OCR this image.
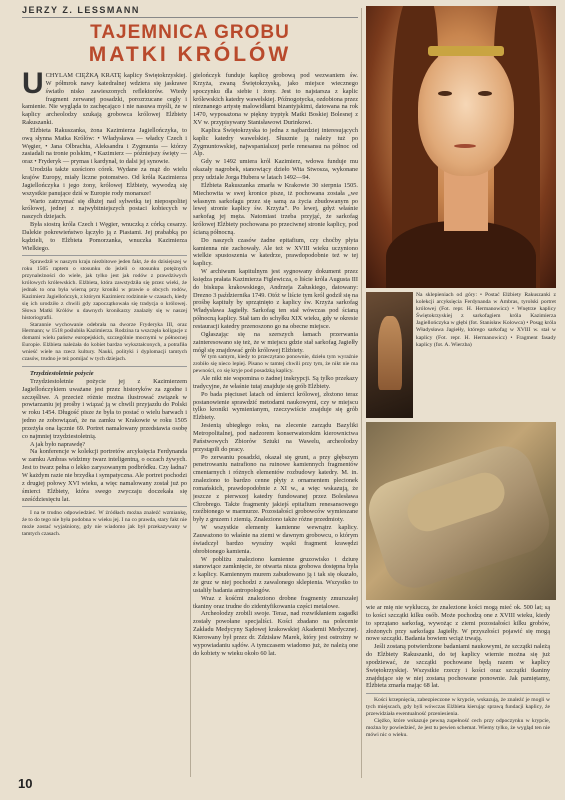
JERZY Z. LESSMANN
TAJEMNICA GROBU
MATKI KRÓLÓW

UCHYLAM CIĘŻKĄ KRATĘ kaplicy Świętokrzyskiej. W półmrok nawy katedralnej wdziera się jaskrawe światło nisko zawieszonych reflektorów. Wtedy fragment zerwanej posadzki, porozrzucane cegły i kamienie. Nie wygląda to zachęcająco i nie nasuwa myśli, że w kaplicy archeolodzy szukają grobowca królowej Elżbiety Rakuszanki.

Elżbieta Rakuszanka, żona Kazimierza Jagiellończyka, to ową słynna Matka Królów: • Władysława — władcy Czech i Węgier, • Jana Olbrachta, Aleksandra i Zygmunta — którzy zasiadali na tronie polskim, • Kazimierz — późniejszy święty — oraz • Fryderyk — prymas i kardynał, to dalsi jej synowie.

Urodziła także sześcioro córek. Wydane za mąż do wielu krajów Europy, miały liczne potomstwo. Od króla Kazimierza Jagiellończyka i jego żony, królowej Elżbiety, wywodzą się wszystkie panujące dziś w Europie rody monarsze!

Warto zatrzymać się dłużej nad sylwetką tej niepospolitej królowej, jednej z najwybitniejszych postaci kobiecych w naszych dziejach.

Była siostrą króla Czech i Węgier, wnuczką z córką cesarzy. Dalekie pokrewieństwo łączyło ją z Piastami. Jej prababką po kądzieli, to Elżbieta Pomorzanka, wnuczka Kazimierza Wielkiego.

Sprawdził w naszym kraju niezbitowe jeden fakt, że do dzisiejszej w roku 1505 raptem o stosunku do jeżeli o stosunku potężnych przynależności do wiele, jak tylko jest jak rodów z prawdziwych królowych królewskich. Elżbieta, która zawstydziła się przez wieki, że jednak to ona była wierną przy kroniki w prawie o obcych rodów, Kazimierz Jagiellończyk, z którym Kazimierz rodzinnie w czasach, kiedy się ich urodziło z chwili gdy zapoczątkowała się tradycja o królowej. Słowa Matki Królów u dawnych kronikarzy znalazły się w naszej historiografii.

Starannie wychowanie odebrała na dworze Fryderyka III, oraz Hermann; w 1518 poślubiła Kazimierza. Rodzina ta wszczęła koligacje z domami wielu państw europejskich, szczególnie mocnymi w północnej Europie. Elżbieta należała do kobiet bardzo wykształconych, a potrafiła wnieść wiele na rzecz kultury. Nauki, polityki i dyplomacji tamtych czasów, trudno je też pomijać w tych dziejach.

Trzydziestoletnie pożycie

Trzydziestoletnie pożycie jej z Kazimierzem Jagiellończykiem uważane jest przez historyków za zgodne i szczęśliwe. A przecież różnie można ilustrować związek w powtarzaniu jej prośby i wiązać ją w chwili przyjazdu do Polski w roku 1454. Długość pisze że była to postać o wielu barwach i jedno ze zobowiązań, że na zamku w Krakowie w roku 1505 przeżyła ona łącznie 69. Portret namalowany przedstawia osobę co najmniej trzydziestoletnią.

A jak było naprawdę?

Na konferencje w kolekcji portretów arcyksięcia Ferdynanda w zamku Ambras widzimy twarz inteligentną, o oczach żywych. Jest to twarz pełna o lekko zarysowanym podbródku. Czy ładna? W każdym razie nie brzydka i sympatyczna. Ale portret pochodzi z drugiej połowy XVI wieku, a więc namalowany został już po śmierci Elżbiety, która swego zwyczaju doczekała się sześćdziesięciu lat.

I na te trudno odpowiedzieć. W źródłach można znaleźć wzmiankę, że to do tego nie była podobna w wieku jej. I na co prawda, stary fakt nie może zostać wyjaśniony, gdy nie wiadomo jak był przekazywany w tamtych czasach.

gielończyk funduje kaplicę grobową pod wezwaniem św. Krzyża, zwaną Świętokrzyską, jako miejsce wiecznego spoczynku dla siebie i żony. Jest to najstarsza z kaplic królewskich katedry wawelskiej. Późnogotycka, ozdobiona przez nieznanego artystę malowidłami bizantyjskimi, datowana na rok 1470, wyposażona w piękny tryptyk Matki Boskiej Bolesnej z XV w. przypisywany Stanisławowi Durinkowi.

Kaplica Świętokrzyska to jedna z najbardziej interesujących kaplic katedry wawelskiej. Słusznie ją należy tuż po Zygmuntowskiej, najwspanialszej perle renesansu na północ od Alp.

Gdy w 1492 umiera król Kazimierz, wdowa funduje mu okazały nagrobek, stanowiący dzieło Wita Stwosza, wykonane przy udziale Jorga Hubera w latach 1492—94.

Elżbieta Rakuszanka zmarła w Krakowie 30 sierpnia 1505. Miechowita w swej kronice pisze, iż pochowana została „we własnym sarkofagu przez się samą za życia zbudowanym po lewej stronie kaplicy św. Krzyża”. Po lewej, gdyż właśnie sarkofag jej męża. Natomiast trzeba przyjąć, że sarkofag królowej Elżbiety pochowana po przeciwnej stronie kaplicy, pod ścianą północną.

Do naszych czasów żadne epitafium, czy choćby płyta kamienna nie zachowały. Ale też w XVIII wieku uczyniono wielkie spustoszenia w katedrze, prawdopodobnie też w tej kaplicy.

W archiwum kapitulnym jest sygnowany dokument przez księdza prałata Kazimierza Figlewicza, o liście króla Augusta III do biskupa krakowskiego, Andrzeja Załuskiego, datowany: Drezno 3 października 1749. Otóż w liście tym król godził się na prośbę kapituły by sprzątnięto z kaplicy św. Krzyża sarkofag Władysława Jagiełły. Sarkofag ten stał wówczas pod ścianą północną kaplicy. Stał tam do schyłku XIX wieku, gdy w okresie restauracji katedry przenoszono go na obecne miejsce.

Ogłaszając się na szerszych łamach przerwania zainteresowano się też, że w miejscu gdzie stał sarkofag Jagiełły mógł się znajdować grób królowej Elżbiety.

W tym samym, kiedy to przeczytano ponownie, dziełu tym wyraźnie zrobiło się nieco lepiej. Pisano w tamtej chwili przy tym, że nikt nie ma pewności, co się kryje pod posadzką kaplicy.

Ale nikt nie wspomina o żadnej inskrypcji. Są tylko przekazy tradycyjne, że właśnie tutaj znajduje się grób Elżbiety.

Po bada pięciuset latach od śmierci królowej, złożono teraz postanowienie sprawdzić metodami naukowymi, czy w miejscu tylko kroniki wymienianym, rzeczywiście znajduje się grób Elżbiety.

Jesienią ubiegłego roku, na zlecenie zarządu Bazyliki Metropolitalnej, pod nadzorem konserwatorskim kierownictwa Państwowych Zbiorów Sztuki na Wawelu, archeolodzy przystąpili do pracy.

Po zerwaniu posadzki, okazał się grunt, a przy głębszym penetrowaniu natrafiono na ruinowe kamiennych fragmentów cmentarnych i różnych elementów rozbudowy katedry. M. in. znaleziono to bardzo cenne płyty z ornamentem plecionek romańskich, prawdopodobnie z XI w., a więc wskazują, że jeszcze z pierwszej katedry fundowanej przez Bolesława Chrobrego. Także fragmenty jakiejś epitafium renesansowego rzeźbionego w marmurze. Pozostałości grobowców wymieszane były z gruzem i ziemią. Znaleziono także różne przedmioty.

W wszystkie elementy kamienne wewnątrz kaplicy. Zauważono to właśnie na ziemi w dawnym grobowcu, o którym świadczył bardzo wyraźny wąski fragment krawędzi obrobionego kamienia.

W pobliżu znaleziono kamienne gruzowisko i dziurę stanowiące zamknięcie, że otwarta nisza grobowa dostępna była z kaplicy. Kamiennym murem zabudowano ją i tak się okazało, że gruz w niej pochodzi z zawalonego sklepienia. Wszystko to ustaliły badania antropologów.

Wraz z kośćmi znaleziono drobne fragmenty zmurszałej tkaniny oraz trudne do zidentyfikowania części metalowe.

Archeolodzy zrobili swoje. Teraz, nad rozwikłaniem zagadki zostały powołane specjaliści. Kości zbadano na polecenie Zakładu Medycyny Sądowej krakowskiej Akademii Medycznej. Kierowany był przez dr. Zdzisław Marek, który jest ostrożny w wypowiadaniu sądów. A tymczasem wiadomo już, że należą one do kobiety w wieku około 60 lat.

Na sklepieniach od góry: • Postać Elżbiety Rakuszanki z kolekcji arcyksięcia Ferdynanda w Ambras, tyrolski portret królowej (Fot. repr. H. Hermanowicz) • Wnętrze kaplicy Świętokrzyskiej z sarkofagiem króla Kazimierza Jagiellończyka w głębi (fot. Stanisław Kolowca) • Posąg króla Władysława Jagiełły, którego sarkofag w XVIII w. stał w kaplicy (Fot. repr. H. Hermanowicz) • Fragment fasady kaplicy (fot. A. Wierzba)

wie ar mię nie wykluczą, że znalezione kości mogą mieć ok. 500 lat; są to kości szczątki kilku osób. Może pochodzą one z XVIII wieku, kiedy to sprzątano sarkofag, wywożąc z ziemi pozostałości kilku grobów, złożonych przy sarkofagu Jagiełły. W przyszłości pojawić się mogą nowe szczątki. Badania bowiem wciąż trwają.

Jeśli zostaną potwierdzone badaniami naukowymi, że szczątki należą do Elżbiety Rakuszanki, do tej kaplicy wiernie można się już spodziewać, że szczątki pochowane będą razem w kaplicy Świętokrzyskiej. Wszystkie rzeczy i kości oraz szczątki tkaniny znajdujące się w niej zostaną pochowane ponownie. Jak pamiętamy, Elżbieta zmarła mając 68 lat.

Kości krzepnięcia, zabezpieczone w krypcie, wskazują, że znaleźć je mogli w tych miejscach, gdy byli wówczas Elżbieta kierując sprawą fundacji kaplicy, że przewidziała ewentualność przeniesienia.

Ciężko, które wskazuje pewną zupełność cech przy odpoczynku w krypcie, można by powiedzieć, że jest tu pewien schemat. Wiemy tylko, że wygląd ten nie mówi nic o wieku.

10
